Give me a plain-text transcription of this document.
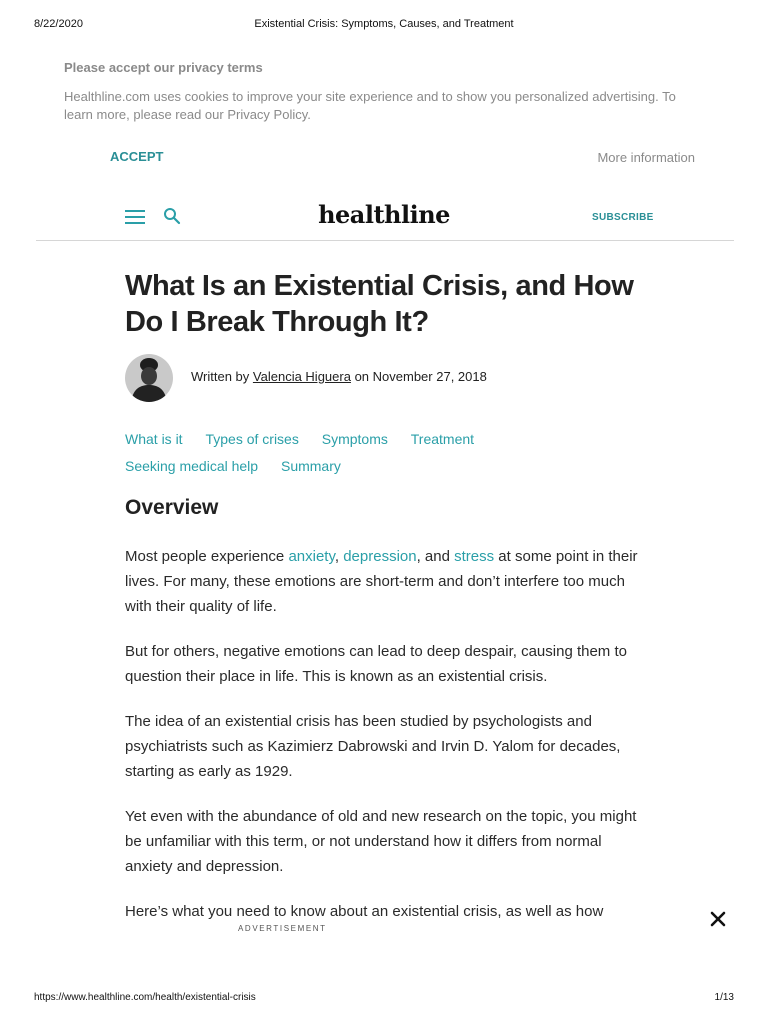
8/22/2020	Existential Crisis: Symptoms, Causes, and Treatment
Please accept our privacy terms
Healthline.com uses cookies to improve your site experience and to show you personalized advertising. To learn more, please read our Privacy Policy.
ACCEPT	More information
healthline	SUBSCRIBE
What Is an Existential Crisis, and How Do I Break Through It?
Written by Valencia Higuera on November 27, 2018
What is it Types of crises Symptoms Treatment
Seeking medical help Summary
Overview

Most people experience anxiety, depression, and stress at some point in their lives. For many, these emotions are short-term and don’t interfere too much with their quality of life.

But for others, negative emotions can lead to deep despair, causing them to question their place in life. This is known as an existential crisis.

The idea of an existential crisis has been studied by psychologists and psychiatrists such as Kazimierz Dabrowski and Irvin D. Yalom for decades, starting as early as 1929.

Yet even with the abundance of old and new research on the topic, you might be unfamiliar with this term, or not understand how it differs from normal anxiety and depression.

Here’s what you need to know about an existential crisis, as well as how

ADVERTISEMENT
https://www.healthline.com/health/existential-crisis	1/13
